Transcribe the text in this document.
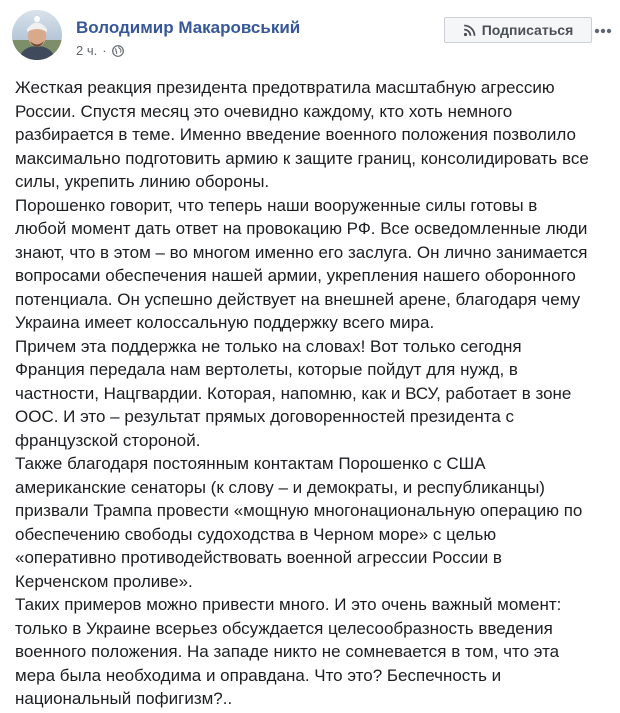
Володимир Макаровський
2 ч. ·
Подписаться

Жесткая реакция президента предотвратила масштабную агрессию

России. Спустя месяц это очевидно каждому, кто хоть немного

разбирается в теме. Именно введение военного положения позволило

максимально подготовить армию к защите границ, консолидировать все

силы, укрепить линию обороны.

Порошенко говорит, что теперь наши вооруженные силы готовы в

любой момент дать ответ на провокацию РФ. Все осведомленные люди

знают, что в этом – во многом именно его заслуга. Он лично занимается

вопросами обеспечения нашей армии, укрепления нашего оборонного

потенциала. Он успешно действует на внешней арене, благодаря чему

Украина имеет колоссальную поддержку всего мира.

Причем эта поддержка не только на словах! Вот только сегодня

Франция передала нам вертолеты, которые пойдут для нужд, в

частности, Нацгвардии. Которая, напомню, как и ВСУ, работает в зоне

ООС. И это – результат прямых договоренностей президента с

французской стороной.

Также благодаря постоянным контактам Порошенко с США

американские сенаторы (к слову – и демократы, и республиканцы)

призвали Трампа провести «мощную многонациональную операцию по

обеспечению свободы судоходства в Черном море» с целью

«оперативно противодействовать военной агрессии России в

Керченском проливе».

Таких примеров можно привести много. И это очень важный момент:

только в Украине всерьез обсуждается целесообразность введения

военного положения. На западе никто не сомневается в том, что эта

мера была необходима и оправдана. Что это? Беспечность и

национальный пофигизм?..
